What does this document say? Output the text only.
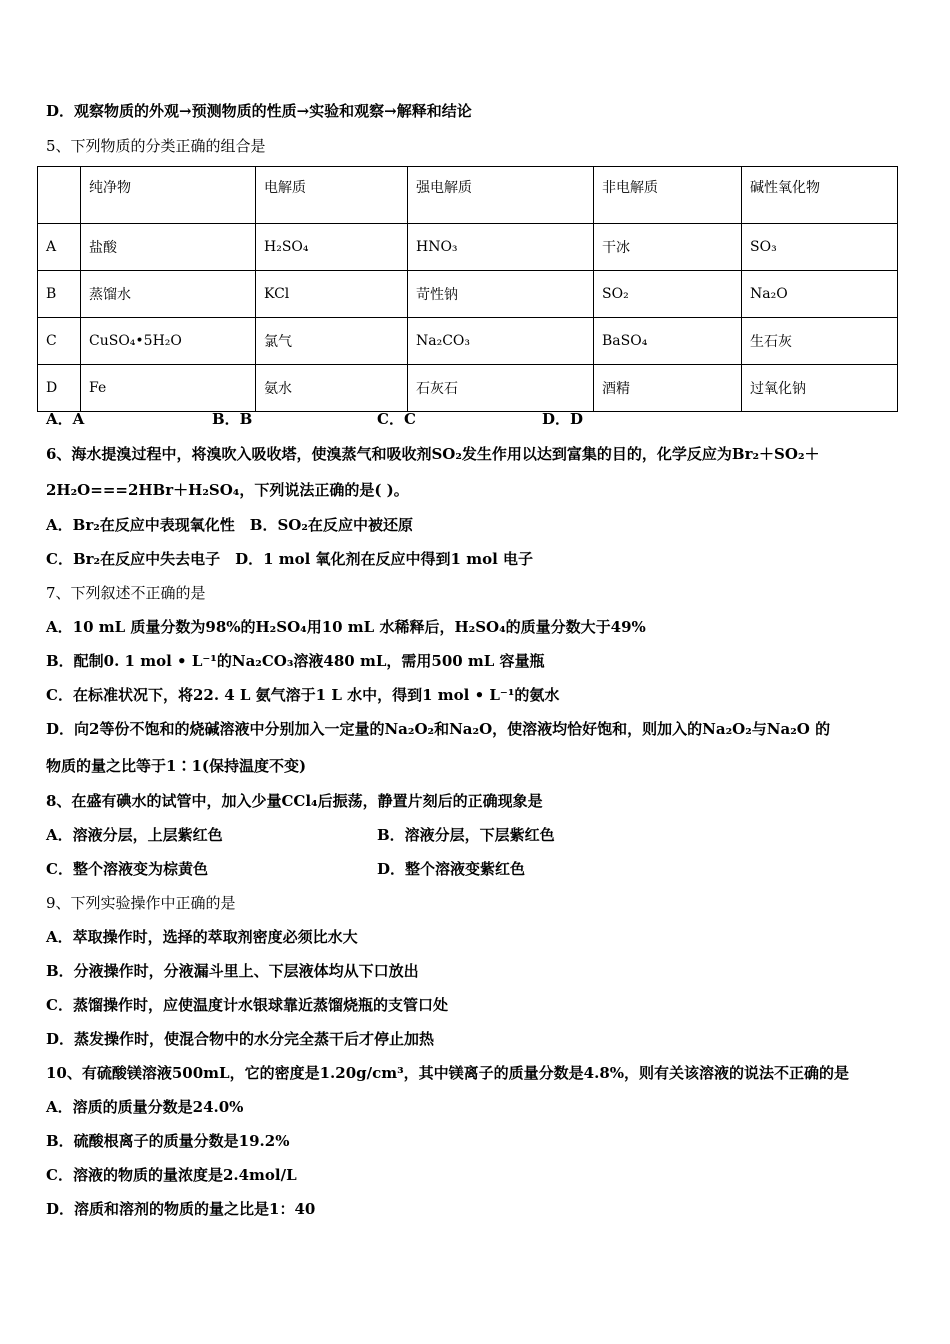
D．观察物质的外观→预测物质的性质→实验和观察→解释和结论
5、下列物质的分类正确的组合是
	纯净物	电解质	强电解质	非电解质	碱性氧化物
A	盐酸	H₂SO₄	HNO₃	干冰	SO₃
B	蒸馏水	KCl	苛性钠	SO₂	Na₂O
C	CuSO₄•5H₂O	氯气	Na₂CO₃	BaSO₄	生石灰
D	Fe	氨水	石灰石	酒精	过氧化钠
A．A	B．B	C．C	D．D
6、海水提溴过程中，将溴吹入吸收塔，使溴蒸气和吸收剂SO₂发生作用以达到富集的目的，化学反应为Br₂＋SO₂＋
2H₂O===2HBr＋H₂SO₄，下列说法正确的是( )。
A．Br₂在反应中表现氧化性　B．SO₂在反应中被还原
C．Br₂在反应中失去电子　D．1 mol 氧化剂在反应中得到1 mol 电子
7、下列叙述不正确的是
A．10 mL 质量分数为98%的H₂SO₄用10 mL 水稀释后，H₂SO₄的质量分数大于49%
B．配制0. 1 mol • L⁻¹的Na₂CO₃溶液480 mL，需用500 mL 容量瓶
C．在标准状况下，将22. 4 L 氨气溶于1 L 水中，得到1 mol • L⁻¹的氨水
D．向2等份不饱和的烧碱溶液中分别加入一定量的Na₂O₂和Na₂O，使溶液均恰好饱和，则加入的Na₂O₂与Na₂O 的
物质的量之比等于1∶1(保持温度不变)
8、在盛有碘水的试管中，加入少量CCl₄后振荡，静置片刻后的正确现象是
A．溶液分层，上层紫红色	B．溶液分层，下层紫红色
C．整个溶液变为棕黄色	D．整个溶液变紫红色
9、下列实验操作中正确的是
A．萃取操作时，选择的萃取剂密度必须比水大
B．分液操作时，分液漏斗里上、下层液体均从下口放出
C．蒸馏操作时，应使温度计水银球靠近蒸馏烧瓶的支管口处
D．蒸发操作时，使混合物中的水分完全蒸干后才停止加热
10、有硫酸镁溶液500mL，它的密度是1.20g/cm³，其中镁离子的质量分数是4.8%，则有关该溶液的说法不正确的是
A．溶质的质量分数是24.0%
B．硫酸根离子的质量分数是19.2%
C．溶液的物质的量浓度是2.4mol/L
D．溶质和溶剂的物质的量之比是1：40
